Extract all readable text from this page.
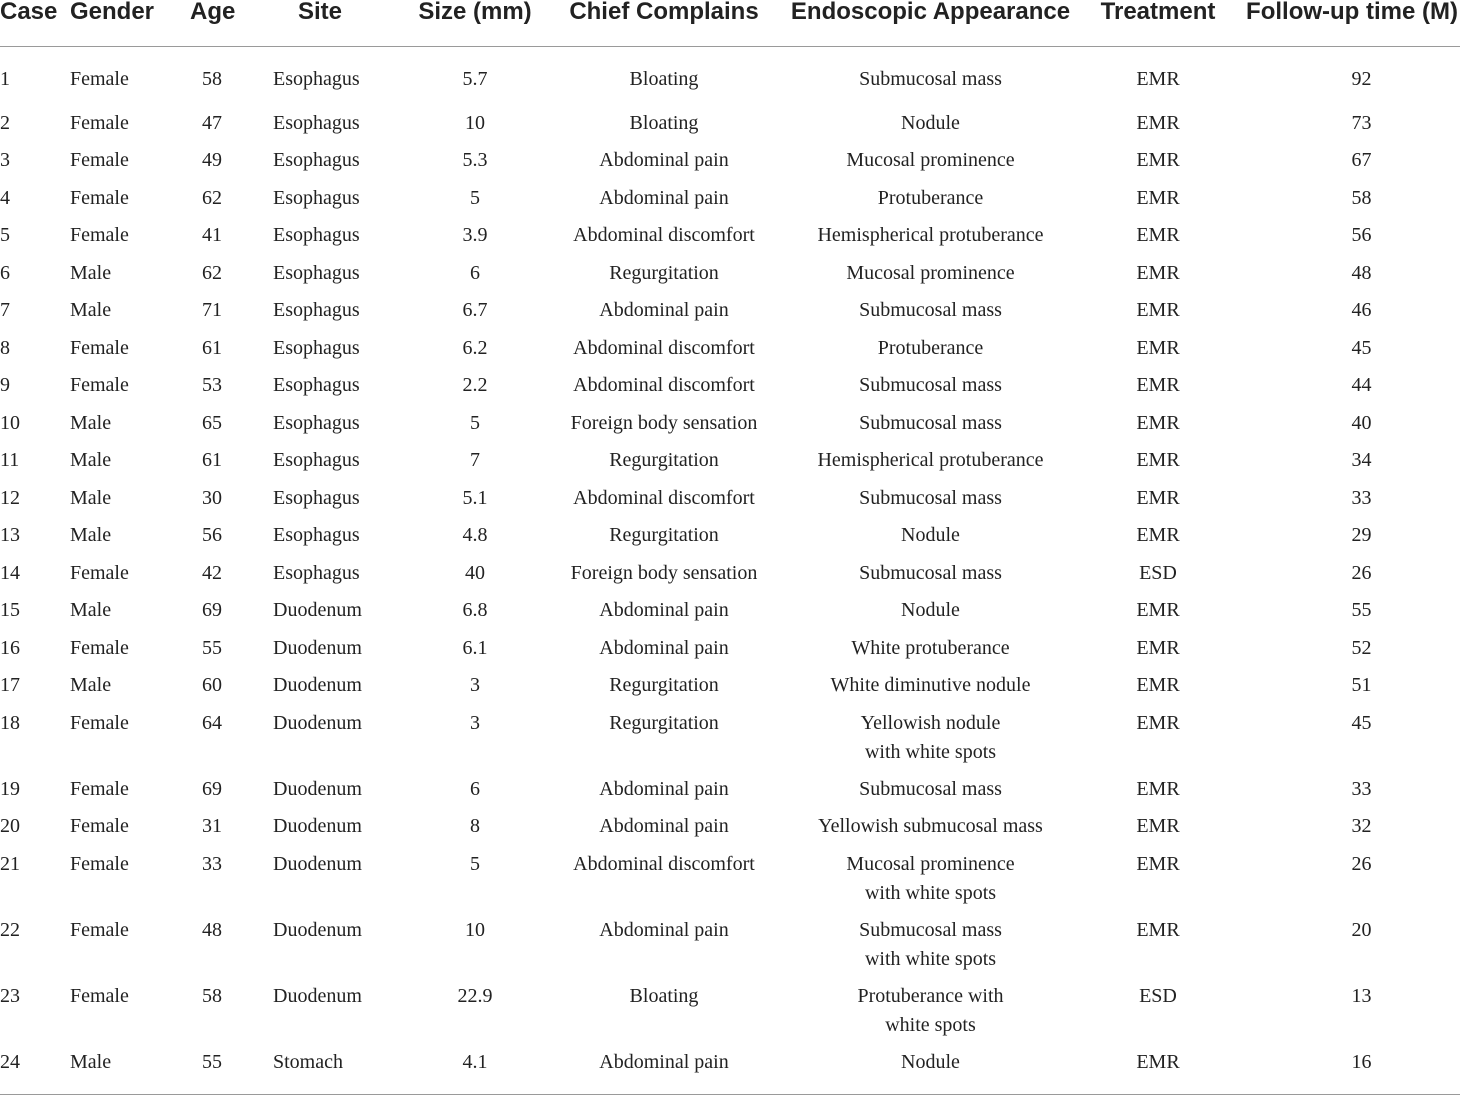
Case	Gender	Age	Site	Size (mm)	Chief Complains	Endoscopic Appearance	Treatment	Follow-up time (M)
1	Female	58	Esophagus	5.7	Bloating	Submucosal mass	EMR	92
2	Female	47	Esophagus	10	Bloating	Nodule	EMR	73
3	Female	49	Esophagus	5.3	Abdominal pain	Mucosal prominence	EMR	67
4	Female	62	Esophagus	5	Abdominal pain	Protuberance	EMR	58
5	Female	41	Esophagus	3.9	Abdominal discomfort	Hemispherical protuberance	EMR	56
6	Male	62	Esophagus	6	Regurgitation	Mucosal prominence	EMR	48
7	Male	71	Esophagus	6.7	Abdominal pain	Submucosal mass	EMR	46
8	Female	61	Esophagus	6.2	Abdominal discomfort	Protuberance	EMR	45
9	Female	53	Esophagus	2.2	Abdominal discomfort	Submucosal mass	EMR	44
10	Male	65	Esophagus	5	Foreign body sensation	Submucosal mass	EMR	40
11	Male	61	Esophagus	7	Regurgitation	Hemispherical protuberance	EMR	34
12	Male	30	Esophagus	5.1	Abdominal discomfort	Submucosal mass	EMR	33
13	Male	56	Esophagus	4.8	Regurgitation	Nodule	EMR	29
14	Female	42	Esophagus	40	Foreign body sensation	Submucosal mass	ESD	26
15	Male	69	Duodenum	6.8	Abdominal pain	Nodule	EMR	55
16	Female	55	Duodenum	6.1	Abdominal pain	White protuberance	EMR	52
17	Male	60	Duodenum	3	Regurgitation	White diminutive nodule	EMR	51
18	Female	64	Duodenum	3	Regurgitation	Yellowish nodule
with white spots	EMR	45
19	Female	69	Duodenum	6	Abdominal pain	Submucosal mass	EMR	33
20	Female	31	Duodenum	8	Abdominal pain	Yellowish submucosal mass	EMR	32
21	Female	33	Duodenum	5	Abdominal discomfort	Mucosal prominence
with white spots	EMR	26
22	Female	48	Duodenum	10	Abdominal pain	Submucosal mass
with white spots	EMR	20
23	Female	58	Duodenum	22.9	Bloating	Protuberance with
white spots	ESD	13
24	Male	55	Stomach	4.1	Abdominal pain	Nodule	EMR	16
